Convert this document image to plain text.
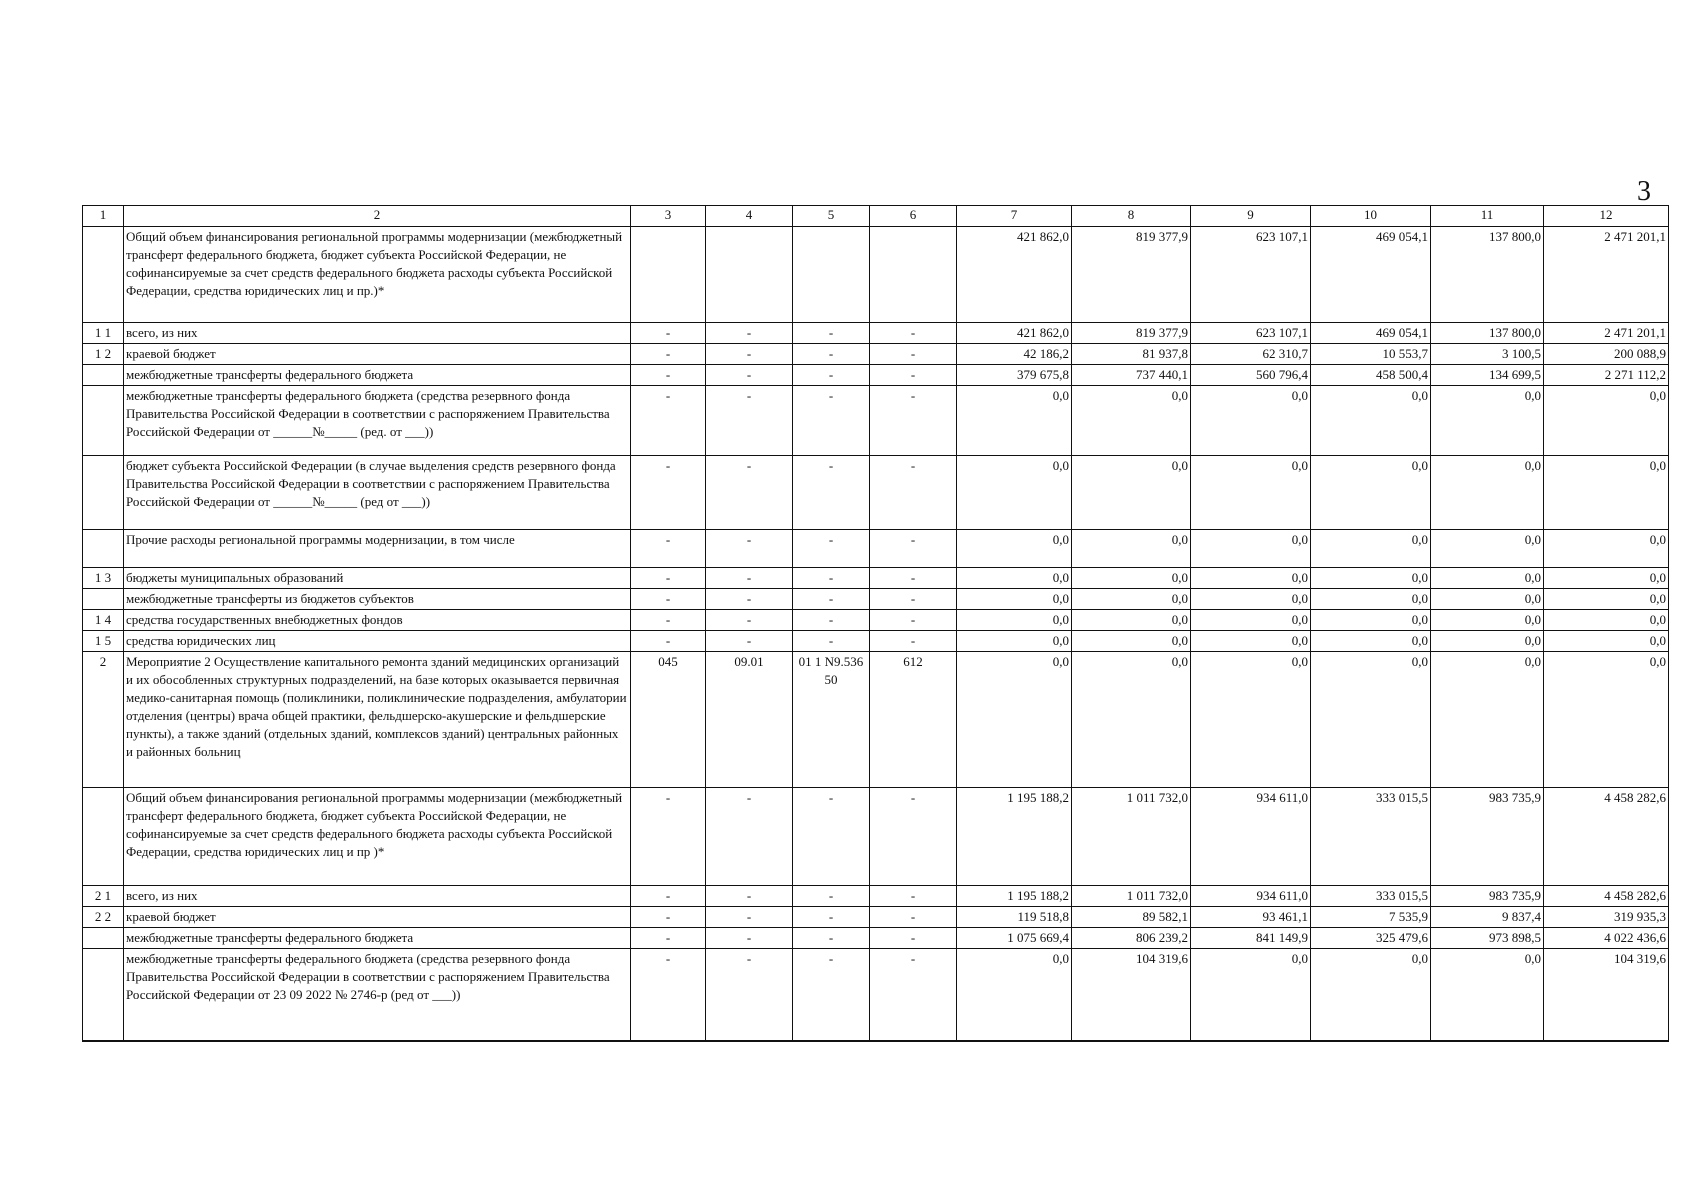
3
1	2	3	4	5	6	7	8	9	10	11	12
	Общий объем финансирования региональной программы модернизации (межбюджетный трансферт федерального бюджета, бюджет субъекта Российской Федерации, не софинансируемые за счет средств федерального бюджета расходы субъекта Российской Федерации, средства юридических лиц и пр.)*					421 862,0	819 377,9	623 107,1	469 054,1	137 800,0	2 471 201,1
1 1	всего, из них	-	-	-	-	421 862,0	819 377,9	623 107,1	469 054,1	137 800,0	2 471 201,1
1 2	краевой бюджет	-	-	-	-	42 186,2	81 937,8	62 310,7	10 553,7	3 100,5	200 088,9
	межбюджетные трансферты федерального бюджета	-	-	-	-	379 675,8	737 440,1	560 796,4	458 500,4	134 699,5	2 271 112,2
	межбюджетные трансферты федерального бюджета (средства резервного фонда Правительства Российской Федерации в соответствии с распоряжением Правительства Российской Федерации от ______№_____ (ред. от ___))	-	-	-	-	0,0	0,0	0,0	0,0	0,0	0,0
	бюджет субъекта Российской Федерации (в случае выделения средств резервного фонда Правительства Российской Федерации в соответствии с распоряжением Правительства Российской Федерации от ______№_____ (ред от ___))	-	-	-	-	0,0	0,0	0,0	0,0	0,0	0,0
	Прочие расходы региональной программы модернизации, в том числе	-	-	-	-	0,0	0,0	0,0	0,0	0,0	0,0
1 3	бюджеты муниципальных образований	-	-	-	-	0,0	0,0	0,0	0,0	0,0	0,0
	межбюджетные трансферты из бюджетов субъектов	-	-	-	-	0,0	0,0	0,0	0,0	0,0	0,0
1 4	средства государственных внебюджетных фондов	-	-	-	-	0,0	0,0	0,0	0,0	0,0	0,0
1 5	средства юридических лиц	-	-	-	-	0,0	0,0	0,0	0,0	0,0	0,0
2	Мероприятие 2 Осуществление капитального ремонта зданий медицинских организаций и их обособленных структурных подразделений, на базе которых оказывается первичная медико-санитарная помощь (поликлиники, поликлинические подразделения, амбулатории отделения (центры) врача общей практики, фельдшерско-акушерские и фельдшерские пункты), а также зданий (отдельных зданий, комплексов зданий) центральных районных и районных больниц	045	09.01	01 1 N9.536 50	612	0,0	0,0	0,0	0,0	0,0	0,0
	Общий объем финансирования региональной программы модернизации (межбюджетный трансферт федерального бюджета, бюджет субъекта Российской Федерации, не софинансируемые за счет средств федерального бюджета расходы субъекта Российской Федерации, средства юридических лиц и пр )*	-	-	-	-	1 195 188,2	1 011 732,0	934 611,0	333 015,5	983 735,9	4 458 282,6
2 1	всего, из них	-	-	-	-	1 195 188,2	1 011 732,0	934 611,0	333 015,5	983 735,9	4 458 282,6
2 2	краевой бюджет	-	-	-	-	119 518,8	89 582,1	93 461,1	7 535,9	9 837,4	319 935,3
	межбюджетные трансферты федерального бюджета	-	-	-	-	1 075 669,4	806 239,2	841 149,9	325 479,6	973 898,5	4 022 436,6
	межбюджетные трансферты федерального бюджета (средства резервного фонда Правительства Российской Федерации в соответствии с распоряжением Правительства Российской Федерации от 23 09 2022 № 2746-р (ред от ___))	-	-	-	-	0,0	104 319,6	0,0	0,0	0,0	104 319,6
